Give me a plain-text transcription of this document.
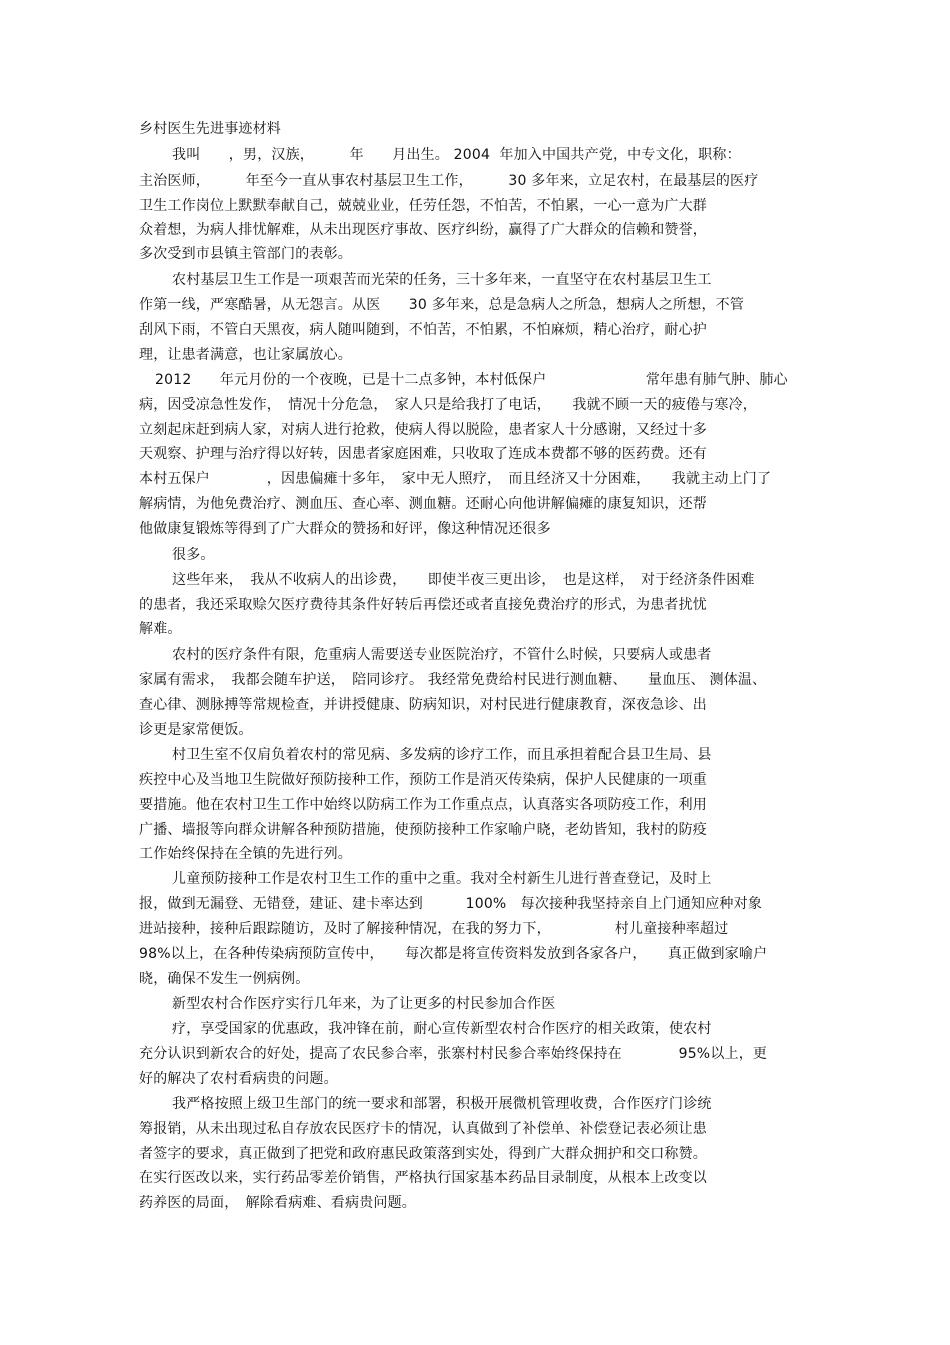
乡村医生先进事迹材料
我叫　　，男，汉族，　　　年　　月出生。 2004  年加入中国共产党，中专文化，职称：
主治医师，　　　年至今一直从事农村基层卫生工作，　　　30 多年来，立足农村，在最基层的医疗
卫生工作岗位上默默奉献自己，兢兢业业，任劳任怨，不怕苦，不怕累，一心一意为广大群
众着想，为病人排忧解难，从未出现医疗事故、医疗纠纷，赢得了广大群众的信赖和赞誉，
多次受到市县镇主管部门的表彰。
农村基层卫生工作是一项艰苦而光荣的任务，三十多年来，一直坚守在农村基层卫生工
作第一线，严寒酷暑，从无怨言。从医　　30 多年来，总是急病人之所急，想病人之所想，不管
刮风下雨，不管白天黑夜，病人随叫随到，不怕苦，不怕累，不怕麻烦，精心治疗，耐心护
理，让患者满意，也让家属放心。
2012　　年元月份的一个夜晚，已是十二点多钟，本村低保户　　　　　　　常年患有肺气肿、肺心
病，因受凉急性发作，　情况十分危急，　家人只是给我打了电话，　　我就不顾一天的疲倦与寒冷，
立刻起床赶到病人家，对病人进行抢救，使病人得以脱险，患者家人十分感谢，又经过十多
天观察、护理与治疗得以好转，因患者家庭困难，只收取了连成本费都不够的医药费。还有
本村五保户　　　　，因患偏瘫十多年，　家中无人照疗，　而且经济又十分困难，　　我就主动上门了
解病情，为他免费治疗、测血压、查心率、测血糖。还耐心向他讲解偏瘫的康复知识，还帮
他做康复锻炼等得到了广大群众的赞扬和好评，像这种情况还很多
很多。
这些年来，　我从不收病人的出诊费，　　即使半夜三更出诊，　也是这样，　对于经济条件困难
的患者，我还采取赊欠医疗费待其条件好转后再偿还或者直接免费治疗的形式，为患者扰忧
解难。
农村的医疗条件有限，危重病人需要送专业医院治疗，不管什么时候，只要病人或患者
家属有需求，　我都会随车护送，　陪同诊疗。 我经常免费给村民进行测血糖、　　量血压、 测体温、
查心律、测脉搏等常规检查，并讲授健康、防病知识，对村民进行健康教育，深夜急诊、出
诊更是家常便饭。
村卫生室不仅肩负着农村的常见病、多发病的诊疗工作，而且承担着配合县卫生局、县
疾控中心及当地卫生院做好预防接种工作，预防工作是消灭传染病，保护人民健康的一项重
要措施。他在农村卫生工作中始终以防病工作为工作重点点，认真落实各项防疫工作，利用
广播、墙报等向群众讲解各种预防措施，使预防接种工作家喻户晓，老幼皆知，我村的防疫
工作始终保持在全镇的先进行列。
儿童预防接种工作是农村卫生工作的重中之重。我对全村新生儿进行普查登记，及时上
报，做到无漏登、无错登，建证、建卡率达到　　　100%　每次接种我坚持亲自上门通知应种对象
进站接种，接种后跟踪随访，及时了解接种情况，在我的努力下，　　　　　村儿童接种率超过
98%以上，在各种传染病预防宣传中，　　每次都是将宣传资料发放到各家各户，　　真正做到家喻户
晓，确保不发生一例病例。
新型农村合作医疗实行几年来，为了让更多的村民参加合作医
疗，享受国家的优惠政，我冲锋在前，耐心宣传新型农村合作医疗的相关政策，使农村
充分认识到新农合的好处，提高了农民参合率，张寨村村民参合率始终保持在　　　　95%以上，更
好的解决了农村看病贵的问题。
我严格按照上级卫生部门的统一要求和部署，积极开展微机管理收费，合作医疗门诊统
筹报销，从未出现过私自存放农民医疗卡的情况，认真做到了补偿单、补偿登记表必须让患
者签字的要求，真正做到了把党和政府惠民政策落到实处，得到广大群众拥护和交口称赞。
在实行医改以来，实行药品零差价销售，严格执行国家基本药品目录制度，从根本上改变以
药养医的局面，　解除看病难、看病贵问题。
